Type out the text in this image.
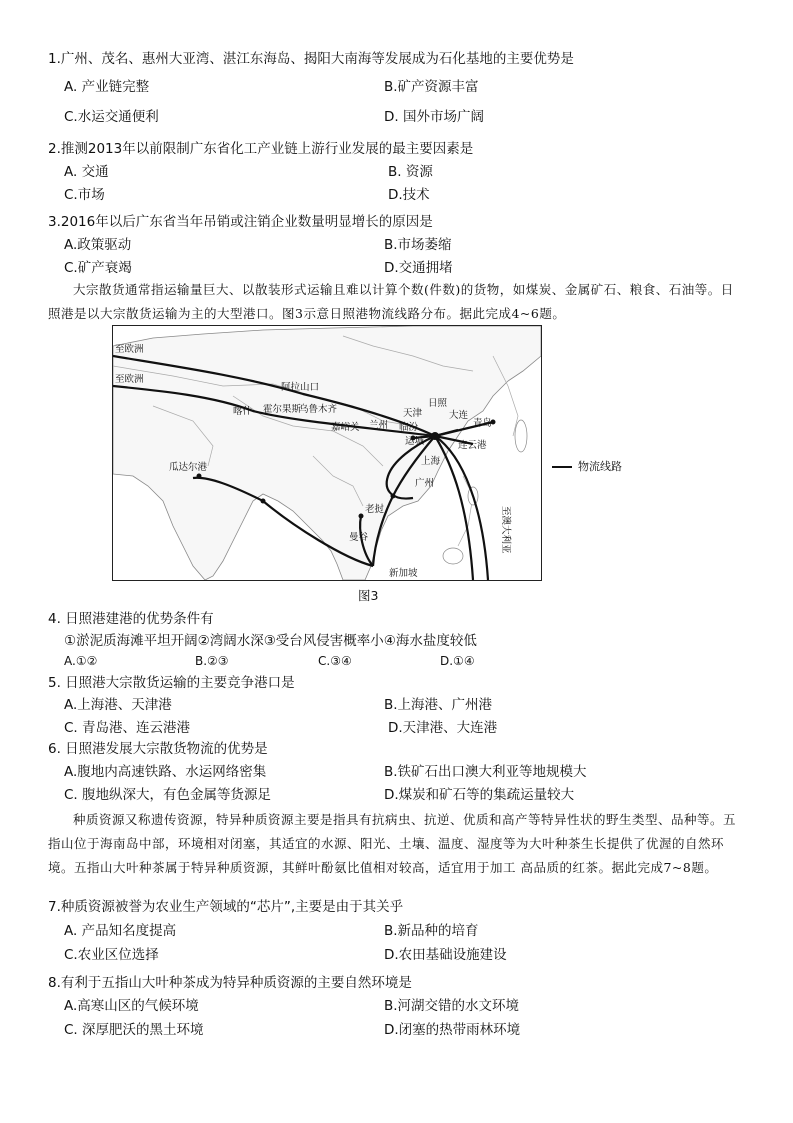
1.广州、茂名、惠州大亚湾、湛江东海岛、揭阳大南海等发展成为石化基地的主要优势是
A. 产业链完整	B.矿产资源丰富
C.水运交通便利	D. 国外市场广阔
2.推测2013年以前限制广东省化工产业链上游行业发展的最主要因素是
A. 交通	B. 资源
C.市场	D.技术
3.2016年以后广东省当年吊销或注销企业数量明显增长的原因是
A.政策驱动	B.市场萎缩
C.矿产衰竭	D.交通拥堵
大宗散货通常指运输量巨大、以散装形式运输且难以计算个数(件数)的货物，如煤炭、金属矿石、粮食、石油等。日照港是以大宗散货运输为主的大型港口。图3示意日照港物流线路分布。据此完成4~6题。
至欧洲
至欧洲
阿拉山口
喀什 霍尔果斯
乌鲁木齐
嘉峪关 兰州
天津
日照
大连
青岛
临汾
运城	连云港
上海
广州
瓜达尔港
老挝
曼谷
新加坡
至澳大利亚
物流线路
图3
4. 日照港建港的优势条件有
①淤泥质海滩平坦开阔②湾阔水深③受台风侵害概率小④海水盐度较低
A.①②	B.②③	C.③④	D.①④
5. 日照港大宗散货运输的主要竞争港口是
A.上海港、天津港	B.上海港、广州港
C. 青岛港、连云港港	D.天津港、大连港
6. 日照港发展大宗散货物流的优势是
A.腹地内高速铁路、水运网络密集	B.铁矿石出口澳大利亚等地规模大
C. 腹地纵深大，有色金属等货源足	D.煤炭和矿石等的集疏运量较大
种质资源又称遗传资源，特异种质资源主要是指具有抗病虫、抗逆、优质和高产等特异性状的野生类型、品种等。五指山位于海南岛中部，环境相对闭塞，其适宜的水源、阳光、土壤、温度、湿度等为大叶种茶生长提供了优渥的自然环境。五指山大叶种茶属于特异种质资源，其鲜叶酚氨比值相对较高，适宜用于加工 高品质的红茶。据此完成7~8题。
7.种质资源被誉为农业生产领域的“芯片”,主要是由于其关乎
A. 产品知名度提高	B.新品种的培育
C.农业区位选择	D.农田基础设施建设
8.有利于五指山大叶种茶成为特异种质资源的主要自然环境是
A.高寒山区的气候环境	B.河湖交错的水文环境
C. 深厚肥沃的黑土环境	D.闭塞的热带雨林环境
